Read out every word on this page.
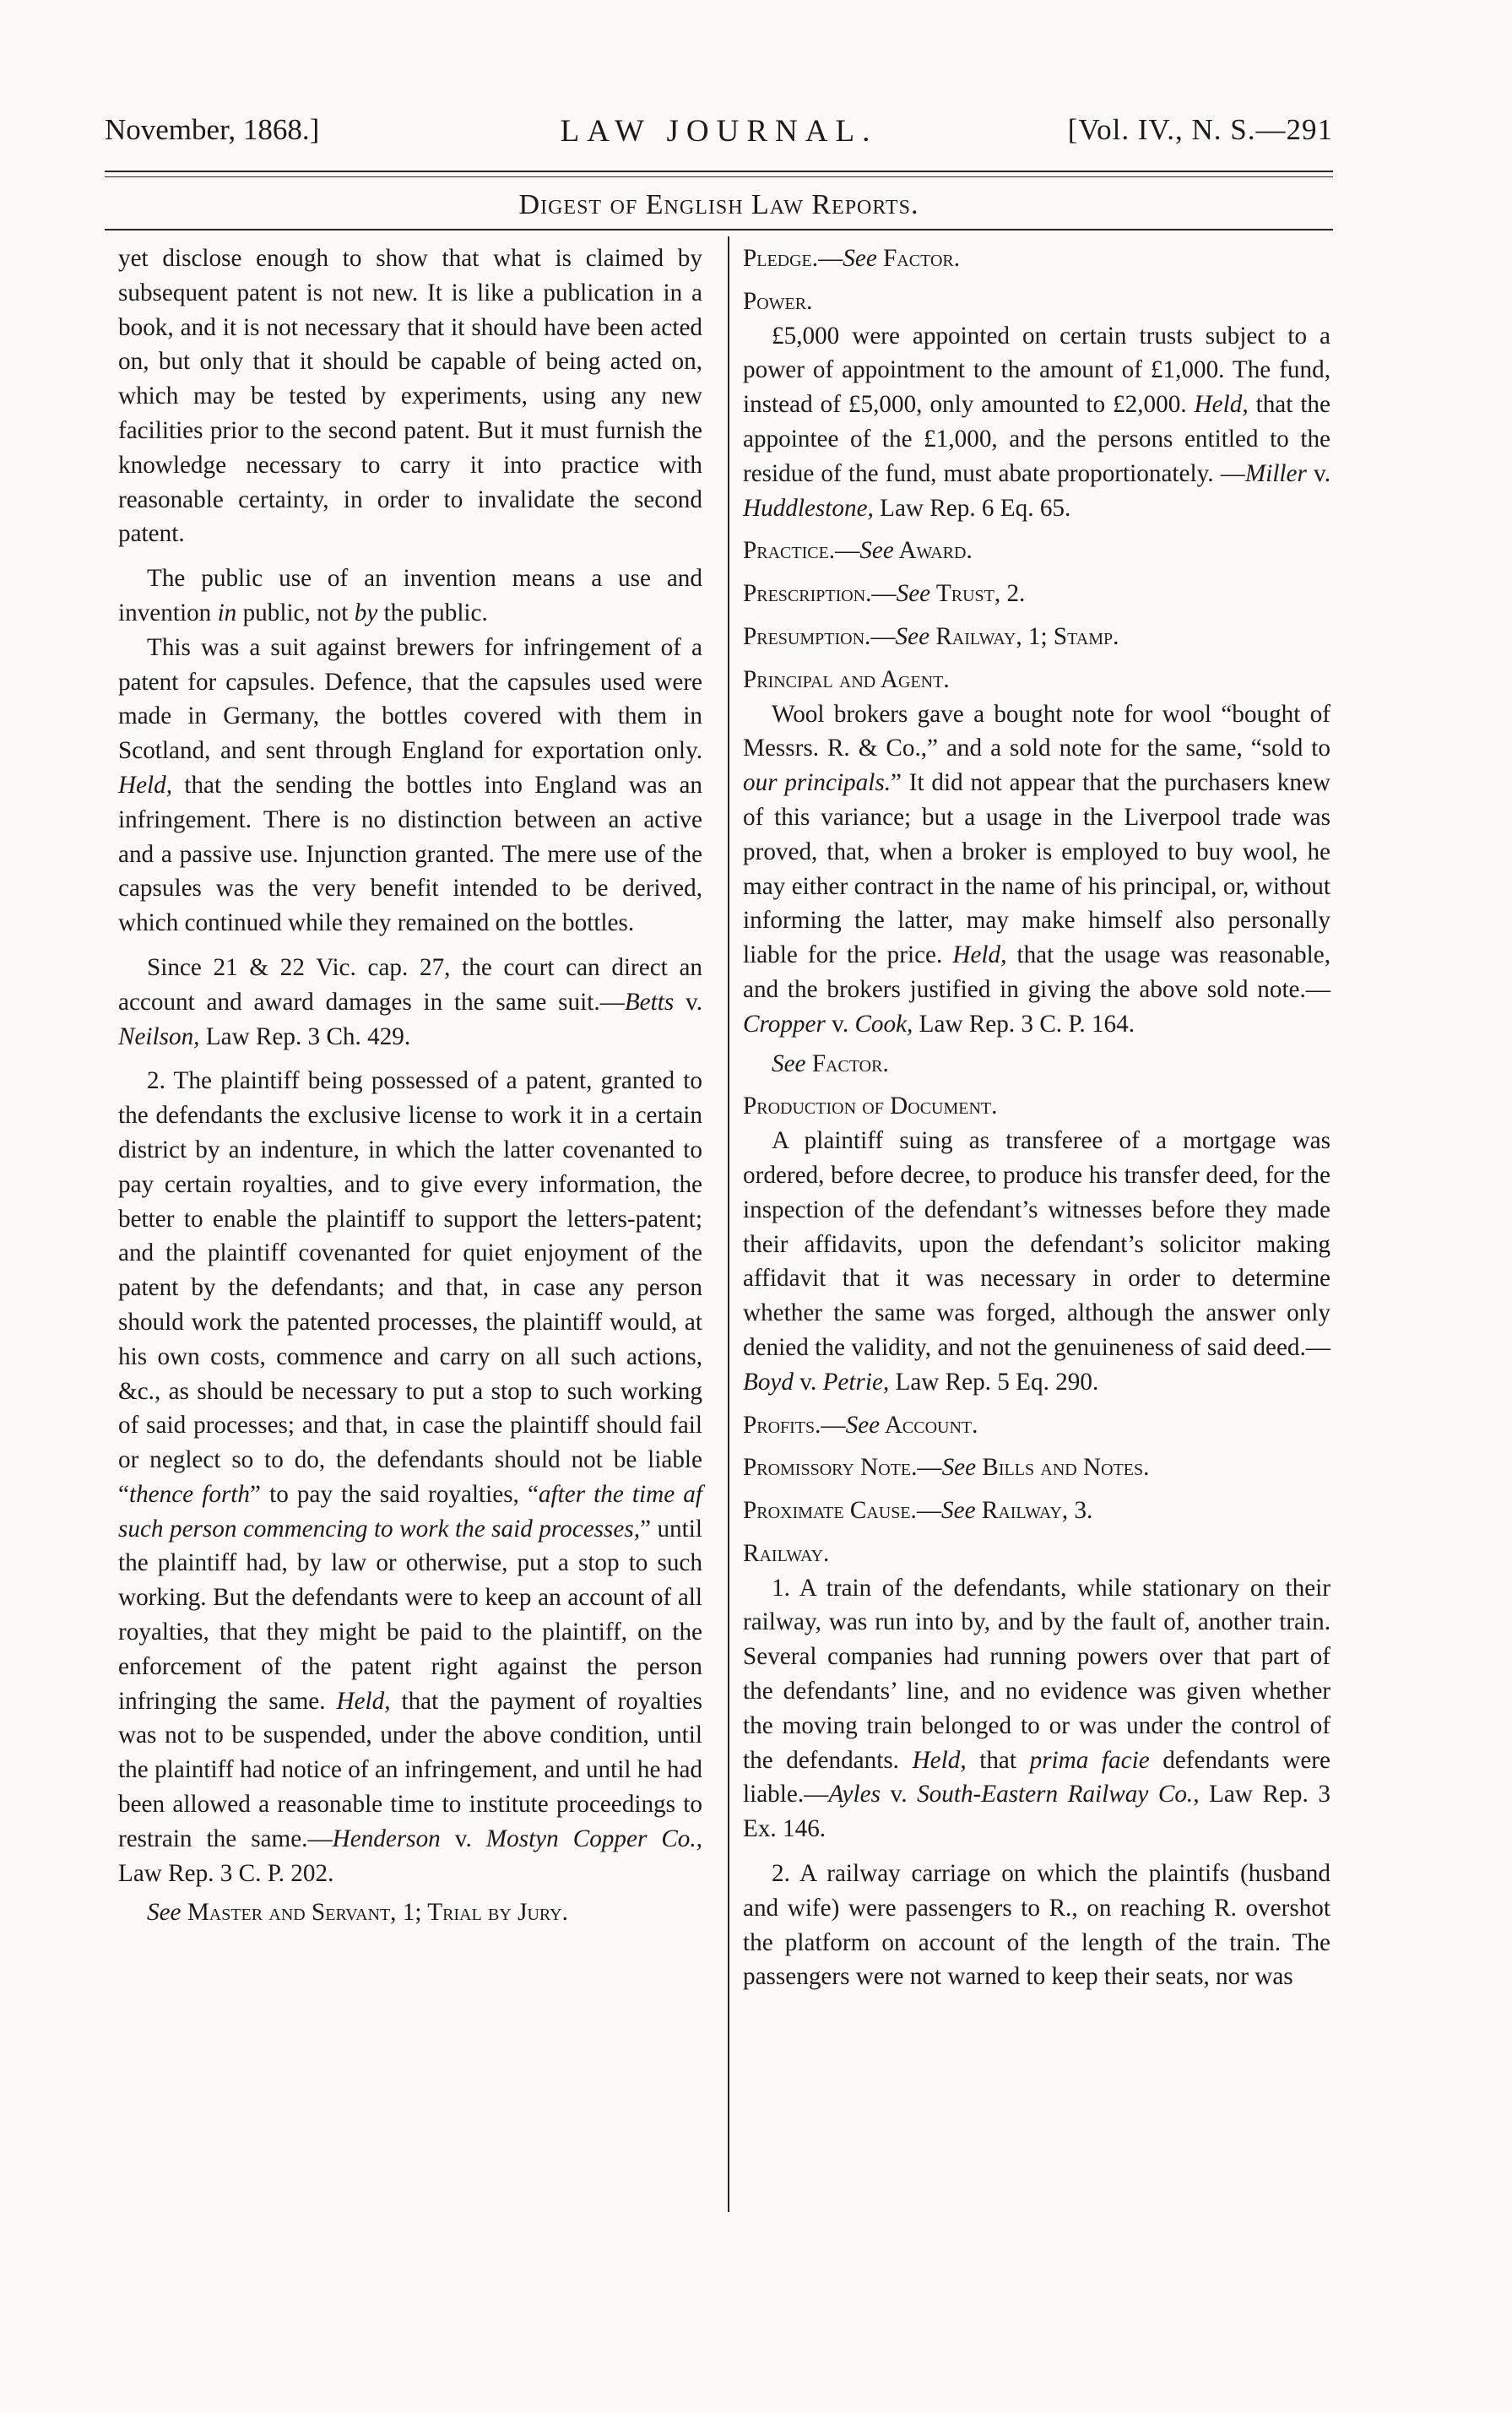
November, 1868.]	LAW JOURNAL.	[Vol. IV., N. S.—291
Digest of English Law Reports.

yet disclose enough to show that what is claimed by subsequent patent is not new. It is like a publication in a book, and it is not necessary that it should have been acted on, but only that it should be capable of being acted on, which may be tested by experiments, using any new facilities prior to the second patent. But it must furnish the knowledge necessary to carry it into practice with reasonable certainty, in order to invalidate the second patent.

The public use of an invention means a use and invention in public, not by the public.

This was a suit against brewers for infringement of a patent for capsules. Defence, that the capsules used were made in Germany, the bottles covered with them in Scotland, and sent through England for exportation only. Held, that the sending the bottles into England was an infringement. There is no distinction between an active and a passive use. Injunction granted. The mere use of the capsules was the very benefit intended to be derived, which continued while they remained on the bottles.

Since 21 & 22 Vic. cap. 27, the court can direct an account and award damages in the same suit.—Betts v. Neilson, Law Rep. 3 Ch. 429.

2. The plaintiff being possessed of a patent, granted to the defendants the exclusive license to work it in a certain district by an indenture, in which the latter covenanted to pay certain royalties, and to give every information, the better to enable the plaintiff to support the letters-patent; and the plaintiff covenanted for quiet enjoyment of the patent by the defendants; and that, in case any person should work the patented processes, the plaintiff would, at his own costs, commence and carry on all such actions, &c., as should be necessary to put a stop to such working of said processes; and that, in case the plaintiff should fail or neglect so to do, the defendants should not be liable “thence forth” to pay the said royalties, “after the time af such person commencing to work the said processes,” until the plaintiff had, by law or otherwise, put a stop to such working. But the defendants were to keep an account of all royalties, that they might be paid to the plaintiff, on the enforcement of the patent right against the person infringing the same. Held, that the payment of royalties was not to be suspended, under the above condition, until the plaintiff had notice of an infringement, and until he had been allowed a reasonable time to institute proceedings to restrain the same.—Henderson v. Mostyn Copper Co., Law Rep. 3 C. P. 202.

See Master and Servant, 1; Trial by Jury.

Pledge.—See Factor.

Power.

£5,000 were appointed on certain trusts subject to a power of appointment to the amount of £1,000. The fund, instead of £5,000, only amounted to £2,000. Held, that the appointee of the £1,000, and the persons entitled to the residue of the fund, must abate proportionately. —Miller v. Huddlestone, Law Rep. 6 Eq. 65.

Practice.—See Award.

Prescription.—See Trust, 2.

Presumption.—See Railway, 1; Stamp.

Principal and Agent.

Wool brokers gave a bought note for wool “bought of Messrs. R. & Co.,” and a sold note for the same, “sold to our principals.” It did not appear that the purchasers knew of this variance; but a usage in the Liverpool trade was proved, that, when a broker is employed to buy wool, he may either contract in the name of his principal, or, without informing the latter, may make himself also personally liable for the price. Held, that the usage was reasonable, and the brokers justified in giving the above sold note.—Cropper v. Cook, Law Rep. 3 C. P. 164.

See Factor.

Production of Document.

A plaintiff suing as transferee of a mortgage was ordered, before decree, to produce his transfer deed, for the inspection of the defendant’s witnesses before they made their affidavits, upon the defendant’s solicitor making affidavit that it was necessary in order to determine whether the same was forged, although the answer only denied the validity, and not the genuineness of said deed.—Boyd v. Petrie, Law Rep. 5 Eq. 290.

Profits.—See Account.

Promissory Note.—See Bills and Notes.

Proximate Cause.—See Railway, 3.

Railway.

1. A train of the defendants, while stationary on their railway, was run into by, and by the fault of, another train. Several companies had running powers over that part of the defendants’ line, and no evidence was given whether the moving train belonged to or was under the control of the defendants. Held, that prima facie defendants were liable.—Ayles v. South-Eastern Railway Co., Law Rep. 3 Ex. 146.

2. A railway carriage on which the plaintifs (husband and wife) were passengers to R., on reaching R. overshot the platform on account of the length of the train. The passengers were not warned to keep their seats, nor was
